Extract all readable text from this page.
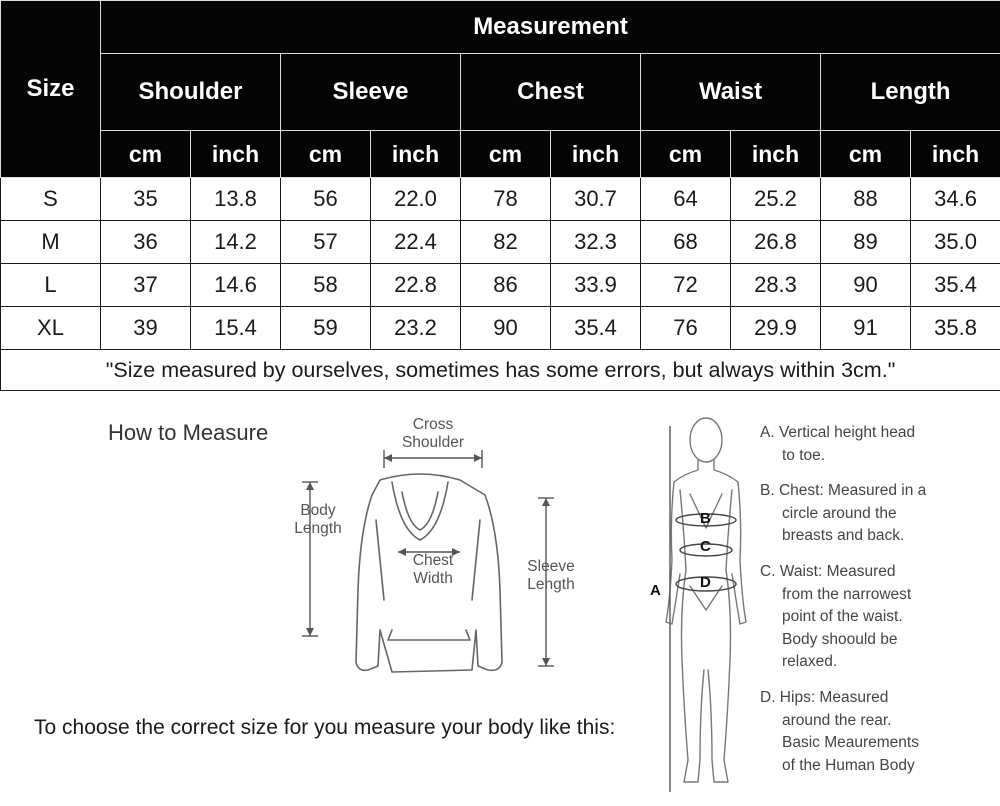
Size	Measurement									
	Shoulder		Sleeve		Chest		Waist		Length	
	cm	inch	cm	inch	cm	inch	cm	inch	cm	inch
S	35	13.8	56	22.0	78	30.7	64	25.2	88	34.6
M	36	14.2	57	22.4	82	32.3	68	26.8	89	35.0
L	37	14.6	58	22.8	86	33.9	72	28.3	90	35.4
XL	39	15.4	59	23.2	90	35.4	76	29.9	91	35.8
"Size measured by ourselves, sometimes has some errors, but always within 3cm."										
How to Measure	Cross
Shoulder
Body
Length
Chest
Width
Sleeve
Length
To choose the correct size for you measure your body like this:
B
C
D
A
A. Vertical height head
to toe.
B. Chest: Measured in a
circle around the
breasts and back.
C. Waist: Measured
from the narrowest
point of the waist.
Body shoould be
relaxed.
D. Hips: Measured
around the rear.
Basic Meaurements
of the Human Body
